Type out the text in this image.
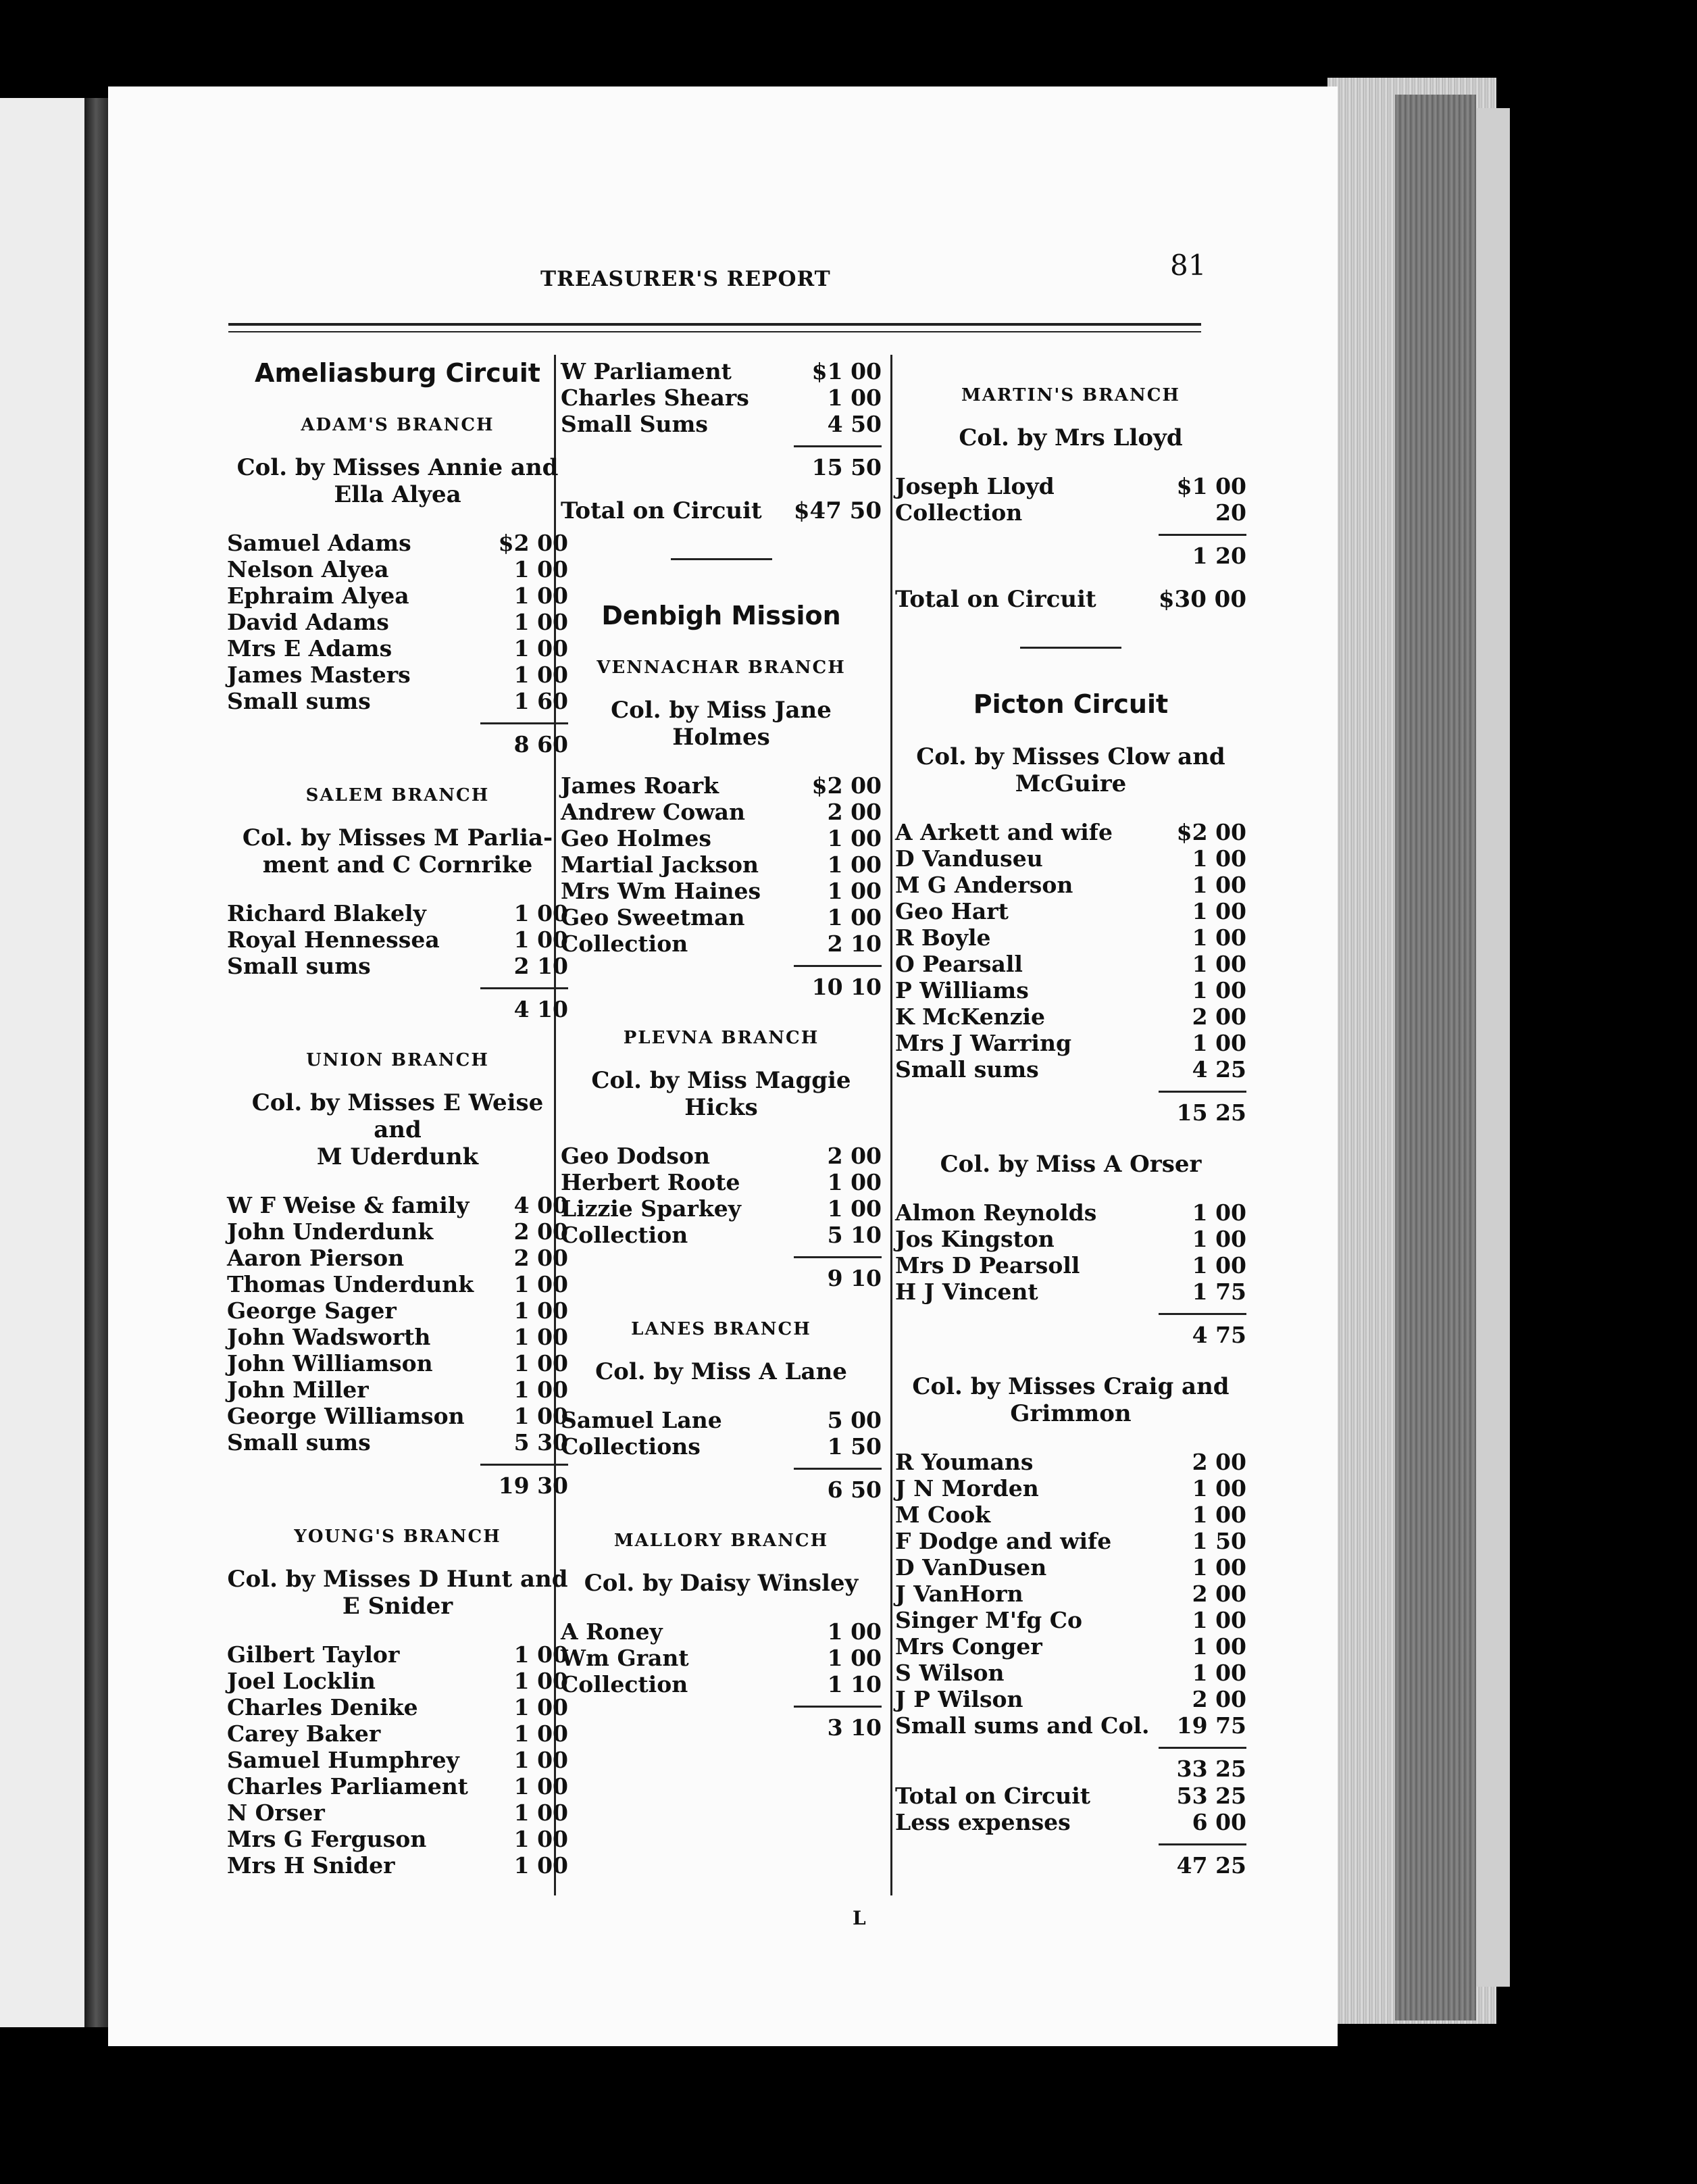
TREASURER'S REPORT	81
Ameliasburg Circuit
ADAM'S BRANCH
Col. by Misses Annie and
Ella Alyea
Samuel Adams	$2 00
Nelson Alyea	1 00
Ephraim Alyea	1 00
David Adams	1 00
Mrs E Adams	1 00
James Masters	1 00
Small sums	1 60
8 60
SALEM BRANCH
Col. by Misses M Parlia-
ment and C Cornrike
Richard Blakely	1 00
Royal Hennessea	1 00
Small sums	2 10
4 10
UNION BRANCH
Col. by Misses E Weise and
M Uderdunk
W F Weise & family 4 00
John Underdunk	2 00
Aaron Pierson	2 00
Thomas Underdunk 1 00
George Sager	1 00
John Wadsworth	1 00
John Williamson	1 00
John Miller	1 00
George Williamson 1 00
Small sums	5 30
19 30
YOUNG'S BRANCH
Col. by Misses D Hunt and
E Snider
Gilbert Taylor	1 00
Joel Locklin	1 00
Charles Denike	1 00
Carey Baker	1 00
Samuel Humphrey 1 00
Charles Parliament 1 00
N Orser	1 00
Mrs G Ferguson	1 00
Mrs H Snider	1 00
W Parliament	$1 00
Charles Shears	1 00
Small Sums	4 50
15 50
Total on Circuit $47 50
Denbigh Mission
VENNACHAR BRANCH
Col. by Miss Jane Holmes
James Roark	$2 00
Andrew Cowan	2 00
Geo Holmes	1 00
Martial Jackson	1 00
Mrs Wm Haines	1 00
Geo Sweetman	1 00
Collection	2 10
10 10
PLEVNA BRANCH
Col. by Miss Maggie Hicks
Geo Dodson	2 00
Herbert Roote	1 00
Lizzie Sparkey	1 00
Collection	5 10
9 10
LANES BRANCH
Col. by Miss A Lane
Samuel Lane	5 00
Collections	1 50
6 50
MALLORY BRANCH
Col. by Daisy Winsley
A Roney	1 00
Wm Grant	1 00
Collection	1 10
3 10
MARTIN'S BRANCH
Col. by Mrs Lloyd
Joseph Lloyd	$1 00
Collection	20
1 20
Total on Circuit	$30 00
Picton Circuit
Col. by Misses Clow and
McGuire
A Arkett and wife	$2 00
D Vanduseu	1 00
M G Anderson	1 00
Geo Hart	1 00
R Boyle	1 00
O Pearsall	1 00
P Williams	1 00
K McKenzie	2 00
Mrs J Warring	1 00
Small sums	4 25
15 25
Col. by Miss A Orser
Almon Reynolds	1 00
Jos Kingston	1 00
Mrs D Pearsoll	1 00
H J Vincent	1 75
4 75
Col. by Misses Craig and
Grimmon
R Youmans	2 00
J N Morden	1 00
M Cook	1 00
F Dodge and wife	1 50
D VanDusen	1 00
J VanHorn	2 00
Singer M'fg Co	1 00
Mrs Conger	1 00
S Wilson	1 00
J P Wilson	2 00
Small sums and Col. 19 75
33 25
Total on Circuit	53 25
Less expenses	6 00
47 25
L
